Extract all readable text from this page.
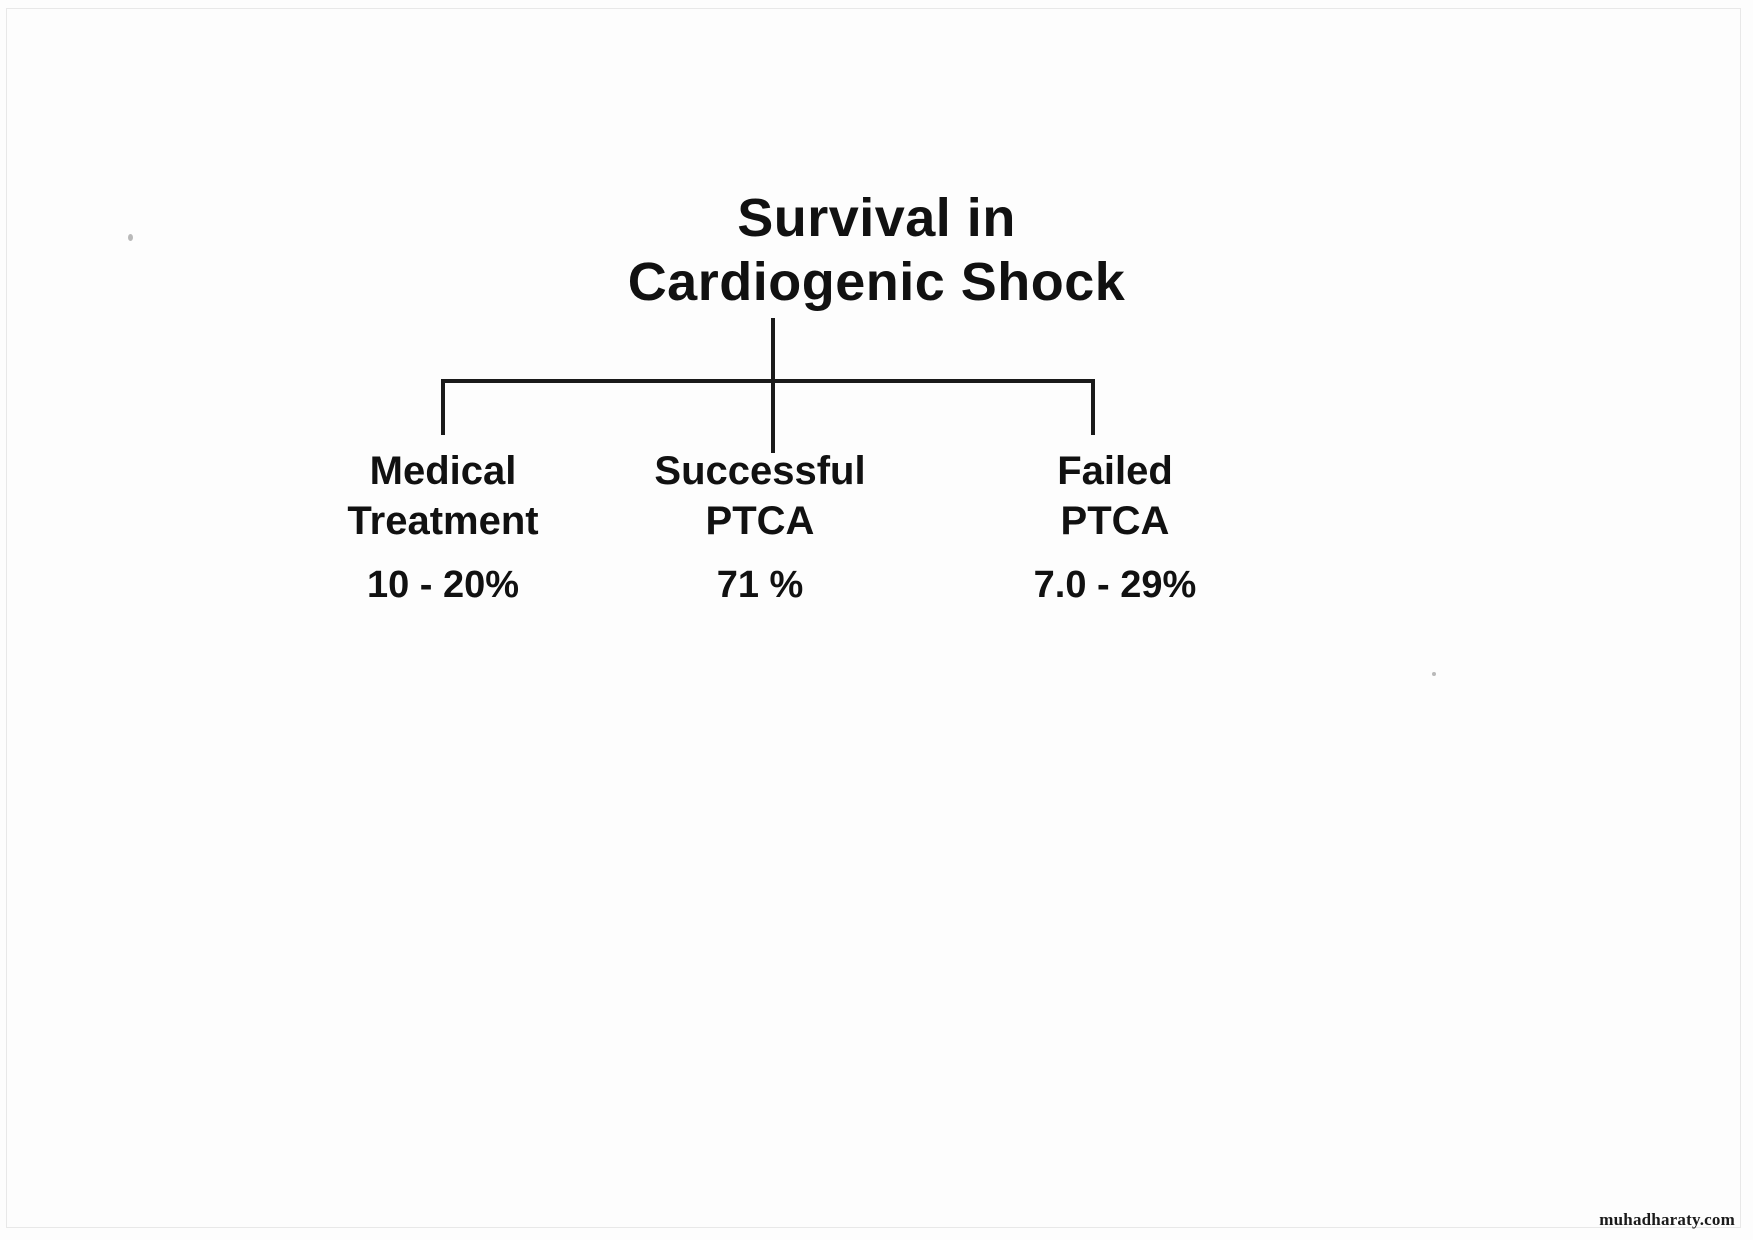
Survival in
Cardiogenic Shock
Medical
Treatment
10 - 20%
Successful
PTCA
71 %
Failed
PTCA
7.0 - 29%
muhadharaty.com
